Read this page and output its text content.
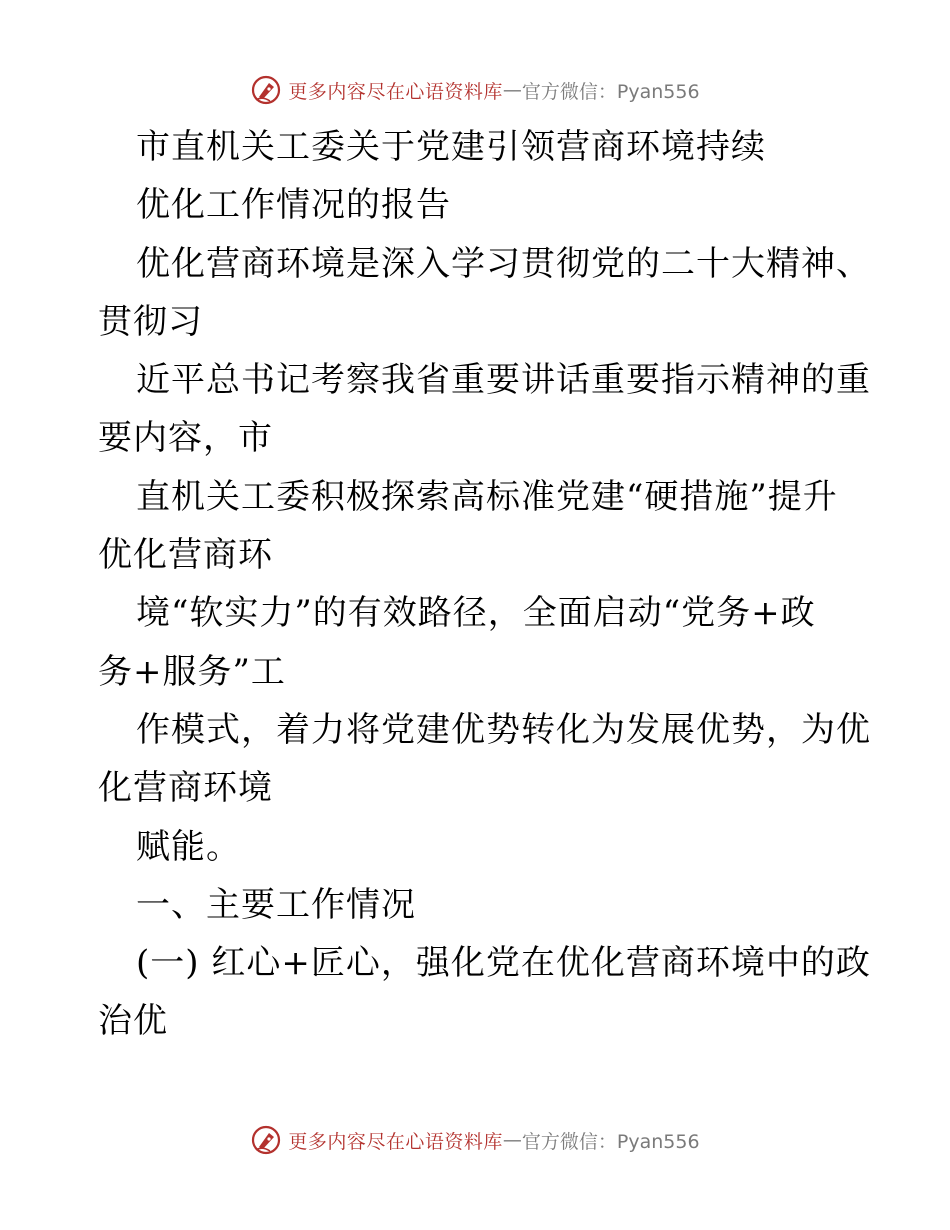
更多内容尽在心语资料库 — 官方微信：Pyan556
市直机关工委关于党建引领营商环境持续
优化工作情况的报告
优化营商环境是深入学习贯彻党的二十大精神、
贯彻习
近平总书记考察我省重要讲话重要指示精神的重
要内容，市
直机关工委积极探索高标准党建“硬措施”提升
优化营商环
境“软实力”的有效路径，全面启动“党务+政
务+服务”工
作模式，着力将党建优势转化为发展优势，为优
化营商环境
赋能。
一、主要工作情况
(一) 红心+匠心，强化党在优化营商环境中的政
治优
更多内容尽在心语资料库 — 官方微信：Pyan556
